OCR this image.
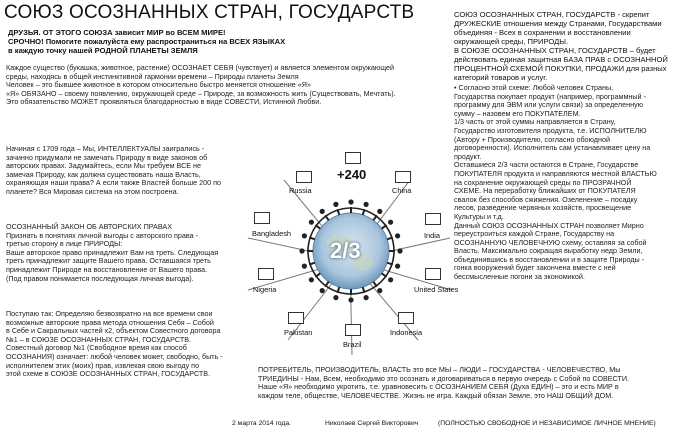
СОЮЗ ОСОЗНАННЫХ СТРАН, ГОСУДАРСТВ
ДРУЗЬЯ. ОТ ЭТОГО СОЮЗА зависит МИР во ВСЕМ МИРЕ!
СРОЧНО! Помогите пожалуйста ему распространиться на ВСЕХ ЯЗЫКАХ
в каждую точку нашей РОДНОЙ ПЛАНЕТЫ ЗЕМЛЯ
Каждое существо (букашка, животное, растение) ОСОЗНАЕТ СЕБЯ (чувствует) и является элементом окружающей
среды, находясь в общей инстинктивной гармонии времени – Природы планеты Земля
Человек – это бывшее животное в котором относительно быстро меняется отношение «Я»
«Я» ОБЯЗАНО – своему появлению, окружающей среде – Природе, за возможность жить (Существовать, Мечтать).
Это обязательство МОЖЕТ проявляться благодарностью в виде СОВЕСТИ, Истинной Любви.
Начиная с 1709 года – Мы, ИНТЕЛЛЕКТУАЛЫ заигрались -
зачинно придумали не замечать Природу в виде законов об
авторских правах. Задумайтесь, если Мы требуем ВСЕ не
замечая Природу, как должна существовать наша Власть,
охраняющая наши права? А если также Властей больше 200 по
планете? Вся Мировая система на этом построена.
ОСОЗНАННЫЙ ЗАКОН ОБ АВТОРСКИХ ПРАВАХ
Признать в понятиях личной выгоды с авторского права -
третью сторону в лице ПРИРОДЫ:
Ваше авторское право принадлежит Вам на треть. Следующая
треть принадлежит защите Вашего права. Оставшаяся треть
принадлежит Природе на восстановление от Вашего права.
(Под правом понимается последующая личная выгода).
Поступаю так: Определяю безвозвратно на все времени свои
возможные авторские права метода отношения Себя – Собой
в Себе и Сакральных частей х2, объектом Совестного договора
№1 – в СОЮЗЕ ОСОЗНАННЫХ СТРАН, ГОСУДАРСТВ.
Совестный договор №1 (Свободное время как способ
ОСОЗНАНИЯ) означает: любой человек может, свободно, быть -
исполнителем этих (моих) прав, извлекая свою выгоду по
этой схеме в СОЮЗЕ ОСОЗНАННЫХ СТРАН, ГОСУДАРСТВ.
СОЮЗ ОСОЗНАННЫХ СТРАН, ГОСУДАРСТВ - скрепит
ДРУЖЕСКИЕ отношения между Странами, Государствами
объединяя - Всех в сохранении и восстановлении
окружающей среды, ПРИРОДЫ.
В СОЮЗЕ ОСОЗНАННЫХ СТРАН, ГОСУДАРСТВ – будет
действовать единая защитная БАЗА ПРАВ с ОСОЗНАННОЙ
ПРОЦЕНТНОЙ СХЕМОЙ ПОКУПКИ, ПРОДАЖИ для разных
категорий товаров и услуг.
• Согласно этой схеме: Любой человек Страны,
Государства покупает продукт (например, программный -
программу для ЭВМ или услуги связи) за определенную
сумму – назовем его ПОКУПАТЕЛЕМ.
1/3 часть от этой суммы направляется в Страну,
Государство изготовителя продукта, т.е. ИСПОЛНИТЕЛЮ
(Автору + Производителю, согласно обоюдной
договоренности). Исполнитель сам устанавливает цену на
продукт.
Оставшиеся 2/3 части остаются в Стране, Государстве
ПОКУПАТЕЛЯ продукта и направляются местной ВЛАСТЬЮ
на сохранение окружающей среды по ПРОЗРАЧНОЙ
СХЕМЕ. На переработку ближайших от ПОКУПАТЕЛЯ
свалок без способов сжижения. Озеленение – посадку
лесов, разведение червяных хозяйств, просвещение
Культуры и т.д.
Данный СОЮЗ ОСОЗНАННЫХ СТРАН позволяет Мирно
переустроиться каждой Стране, Государству на
ОСОЗНАННУЮ ЧЕЛОВЕЧНУЮ схему, оставляя за собой
Власть. Максимально сокращая выработку недр Земли,
объединившись в восстановлении и в защите Природы -
гонка вооружений будет закончена вместе с ней
бессмысленные погони за экономикой.
ПОТРЕБИТЕЛЬ, ПРОИЗВОДИТЕЛЬ, ВЛАСТЬ это все МЫ – ЛЮДИ – ГОСУДАРСТВА - ЧЕЛОВЕЧЕСТВО, Мы
ТРИЕДИНЫ - Нам, Всем, необходимо это осознать и договариваться в первую очередь с Собой по СОВЕСТИ.
Наше «Я» необходимо укротить, т.е. уравновесить с ОСОЗНАНИЕМ СЕБЯ (Духа ЕДИН) – это и есть МИР в
каждом теле, обществе, ЧЕЛОВЕЧЕСТВЕ. Жизнь не игра. Каждый обязан Земле, это НАШ ОБЩИЙ ДОМ.
2 марта 2014 года.	Николаев Сергей Викторович	(ПОЛНОСТЬЮ СВОБОДНОЕ И НЕЗАВИСИМОЕ ЛИЧНОЕ МНЕНИЕ)
2/3
+240
Russia	China
India
United States
Indonesia
Brazil
Pakistan
Nigeria
Bangladesh
